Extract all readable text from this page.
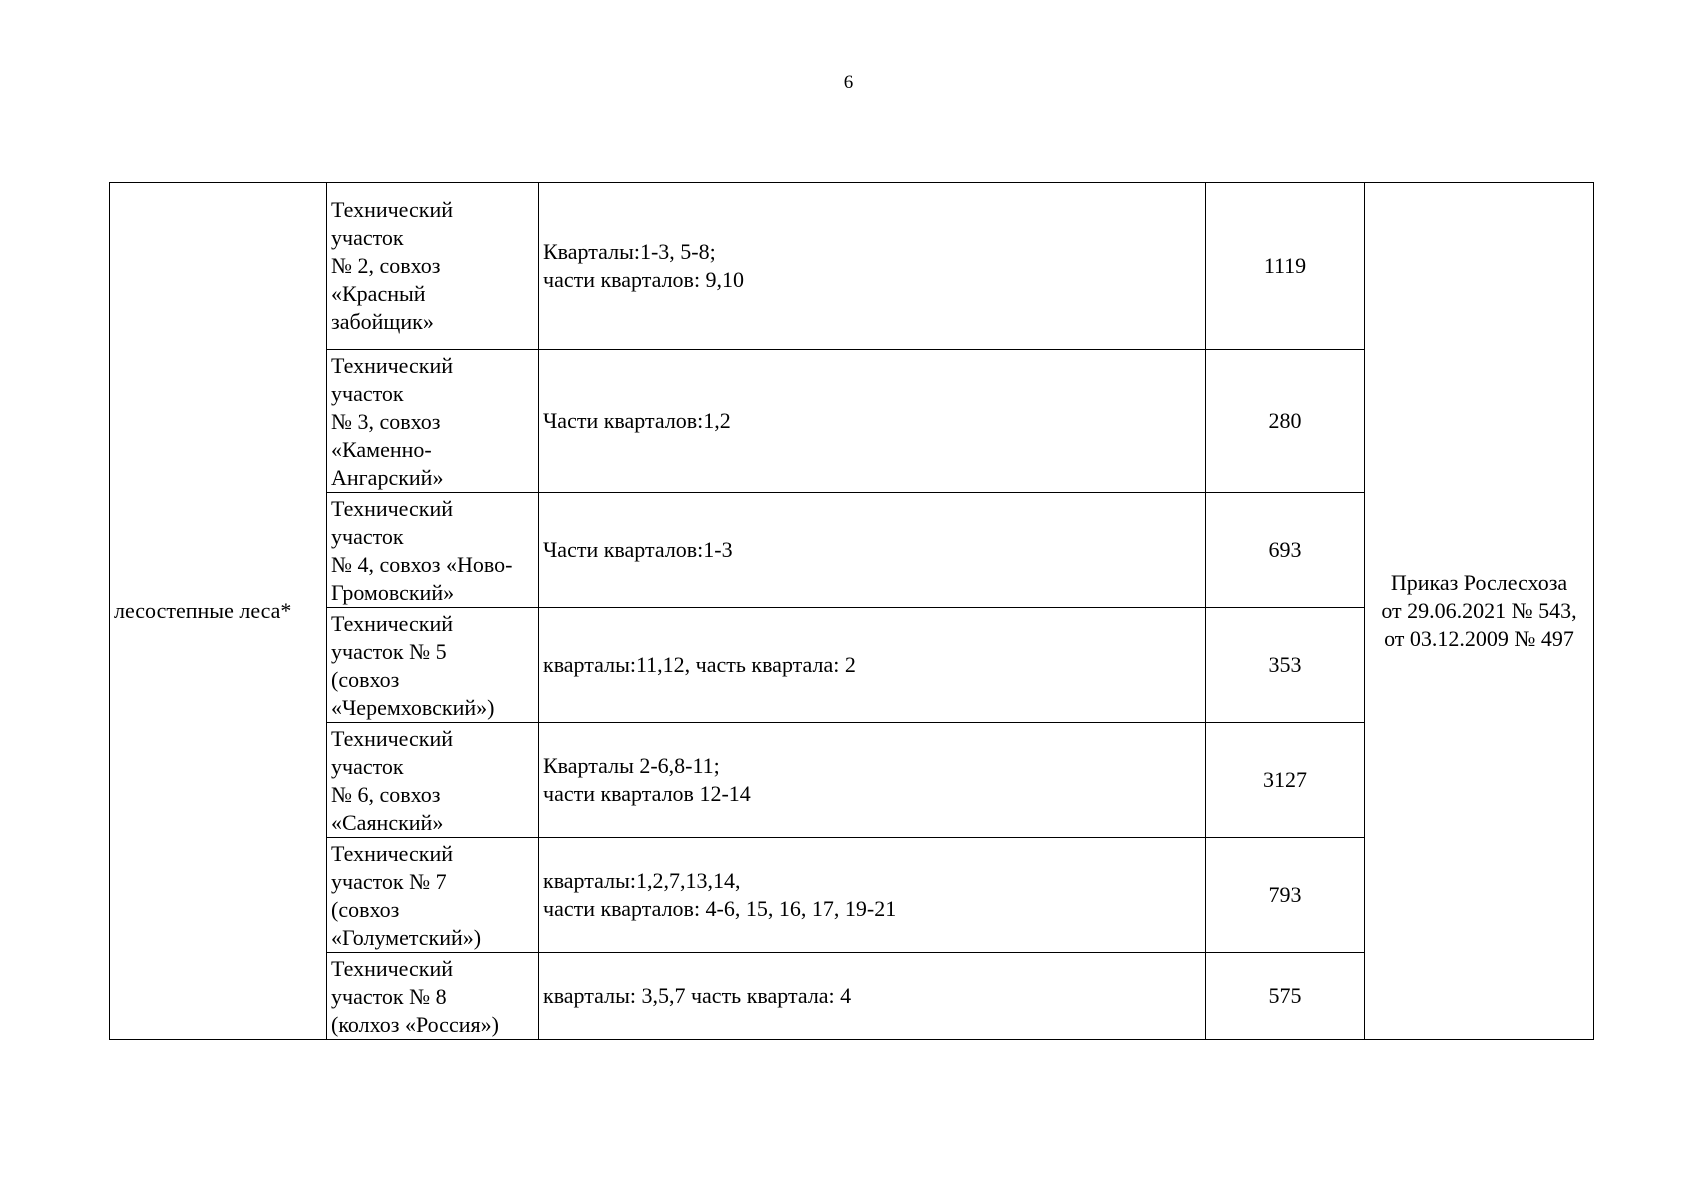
6
лесостепные леса*	Технический
участок
№ 2, совхоз
«Красный
забойщик»	Кварталы:1-3, 5-8;
части кварталов: 9,10	1119	Приказ Рослесхоза
от 29.06.2021 № 543,
от 03.12.2009 № 497

	Технический
участок
№ 3, совхоз
«Каменно-
Ангарский»	Части кварталов:1,2	280	

	Технический
участок
№ 4, совхоз «Ново-
Громовский»	Части кварталов:1-3	693	

	Технический
участок № 5
(совхоз
«Черемховский»)	кварталы:11,12, часть квартала: 2	353	

	Технический
участок
№ 6, совхоз
«Саянский»	Кварталы 2-6,8-11;
части кварталов 12-14	3127	

	Технический
участок № 7
(совхоз
«Голуметский»)	кварталы:1,2,7,13,14,
части кварталов: 4-6, 15, 16, 17, 19-21	793	

	Технический
участок № 8
(колхоз «Россия»)	кварталы: 3,5,7 часть квартала: 4	575	
